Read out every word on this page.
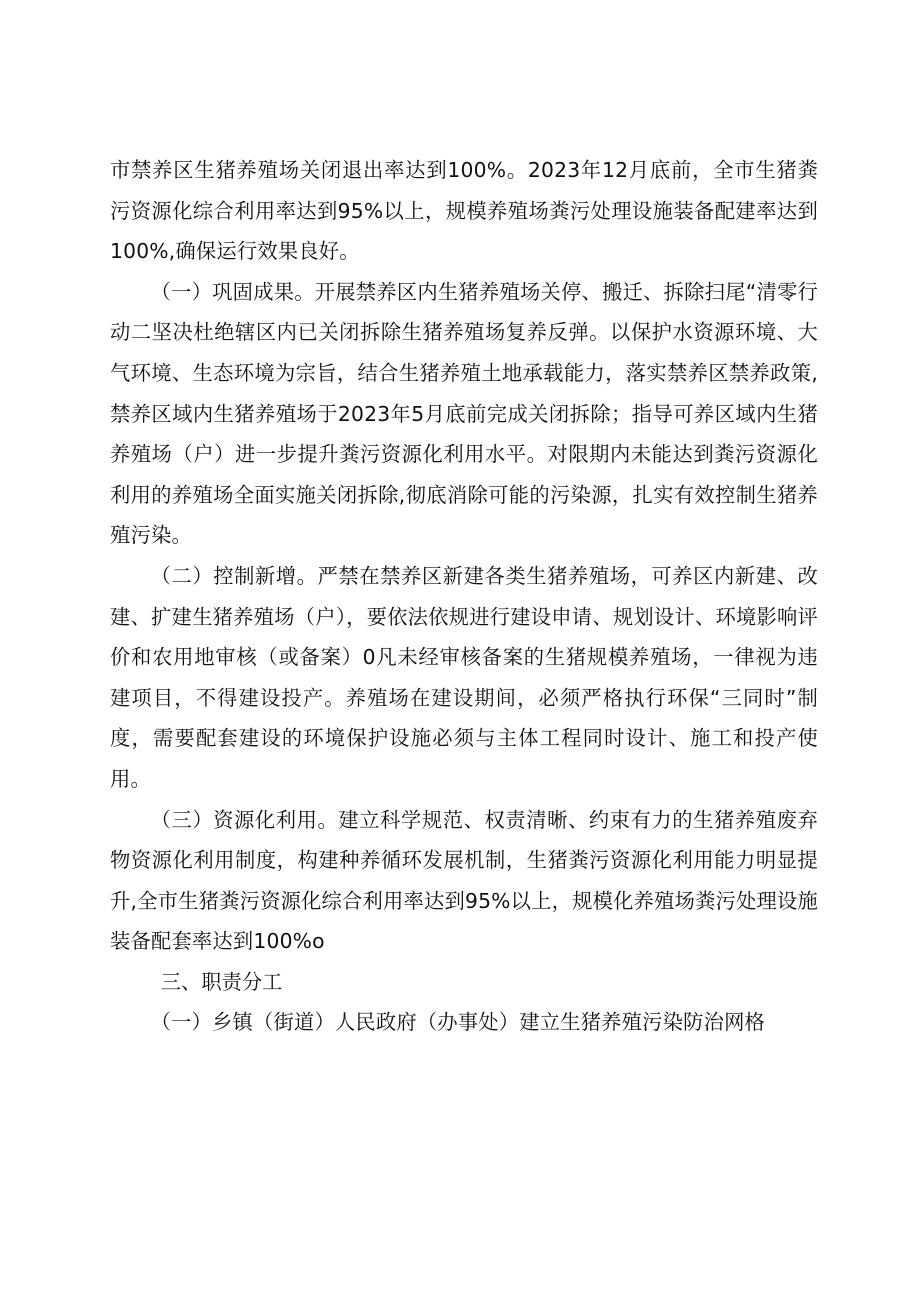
市禁养区生猪养殖场关闭退出率达到100%。2023年12月底前，全市生猪粪污资源化综合利用率达到95%以上，规模养殖场粪污处理设施装备配建率达到100%,确保运行效果良好。

（一）巩固成果。开展禁养区内生猪养殖场关停、搬迁、拆除扫尾“清零行动二坚决杜绝辖区内已关闭拆除生猪养殖场复养反弹。以保护水资源环境、大气环境、生态环境为宗旨，结合生猪养殖土地承载能力，落实禁养区禁养政策,禁养区域内生猪养殖场于2023年5月底前完成关闭拆除；指导可养区域内生猪养殖场（户）进一步提升粪污资源化利用水平。对限期内未能达到粪污资源化利用的养殖场全面实施关闭拆除,彻底消除可能的污染源，扎实有效控制生猪养殖污染。

（二）控制新增。严禁在禁养区新建各类生猪养殖场，可养区内新建、改建、扩建生猪养殖场（户），要依法依规进行建设申请、规划设计、环境影响评价和农用地审核（或备案）0凡未经审核备案的生猪规模养殖场，一律视为违建项目，不得建设投产。养殖场在建设期间，必须严格执行环保“三同时”制度，需要配套建设的环境保护设施必须与主体工程同时设计、施工和投产使用。

（三）资源化利用。建立科学规范、权责清晰、约束有力的生猪养殖废弃物资源化利用制度，构建种养循环发展机制，生猪粪污资源化利用能力明显提升,全市生猪粪污资源化综合利用率达到95%以上，规模化养殖场粪污处理设施装备配套率达到100%o

三、职责分工

（一）乡镇（街道）人民政府（办事处）建立生猪养殖污染防治网格
